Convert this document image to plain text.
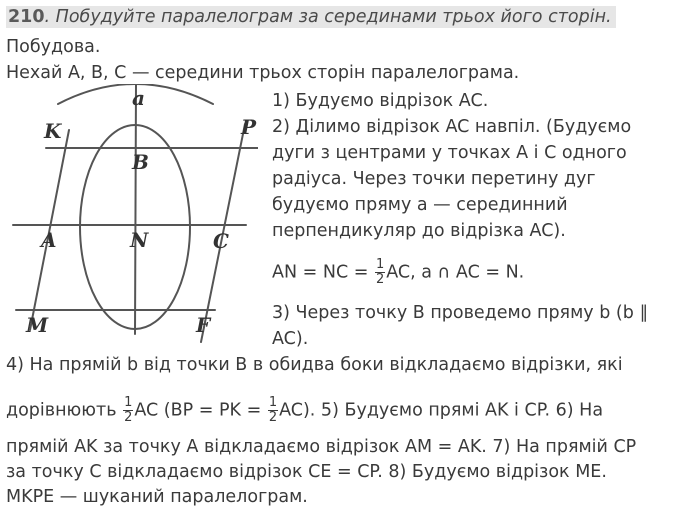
210. Побудуйте паралелограм за серединами трьох його сторін.
Побудова.
Нехай A, B, C — середини трьох сторін паралелограма.
a
K	P
B
A	N	C
M	F
1) Будуємо відрізок AC.
2) Ділимо відрізок AC навпіл. (Будуємо
дуги з центрами у точках A і C одного
радіуса. Через точки перетину дуг
будуємо пряму a — серединний
перпендикуляр до відрізка AC).
AN = NC = $\frac{1}{2}$ AC, a ∩ AC = N.
3) Через точку B проведемо пряму b (b ∥
AC).
4) На прямій b від точки B в обидва боки відкладаємо відрізки, які
дорівнюють $\frac{1}{2}$ AC (BP = PK = $\frac{1}{2} AC$). 5) Будуємо прямі AK і CP. 6) На
прямій AK за точку A відкладаємо відрізок AM = AK. 7) На прямій CP
за точку C відкладаємо відрізок CE = CP. 8) Будуємо відрізок ME.
MKPE — шуканий паралелограм.
